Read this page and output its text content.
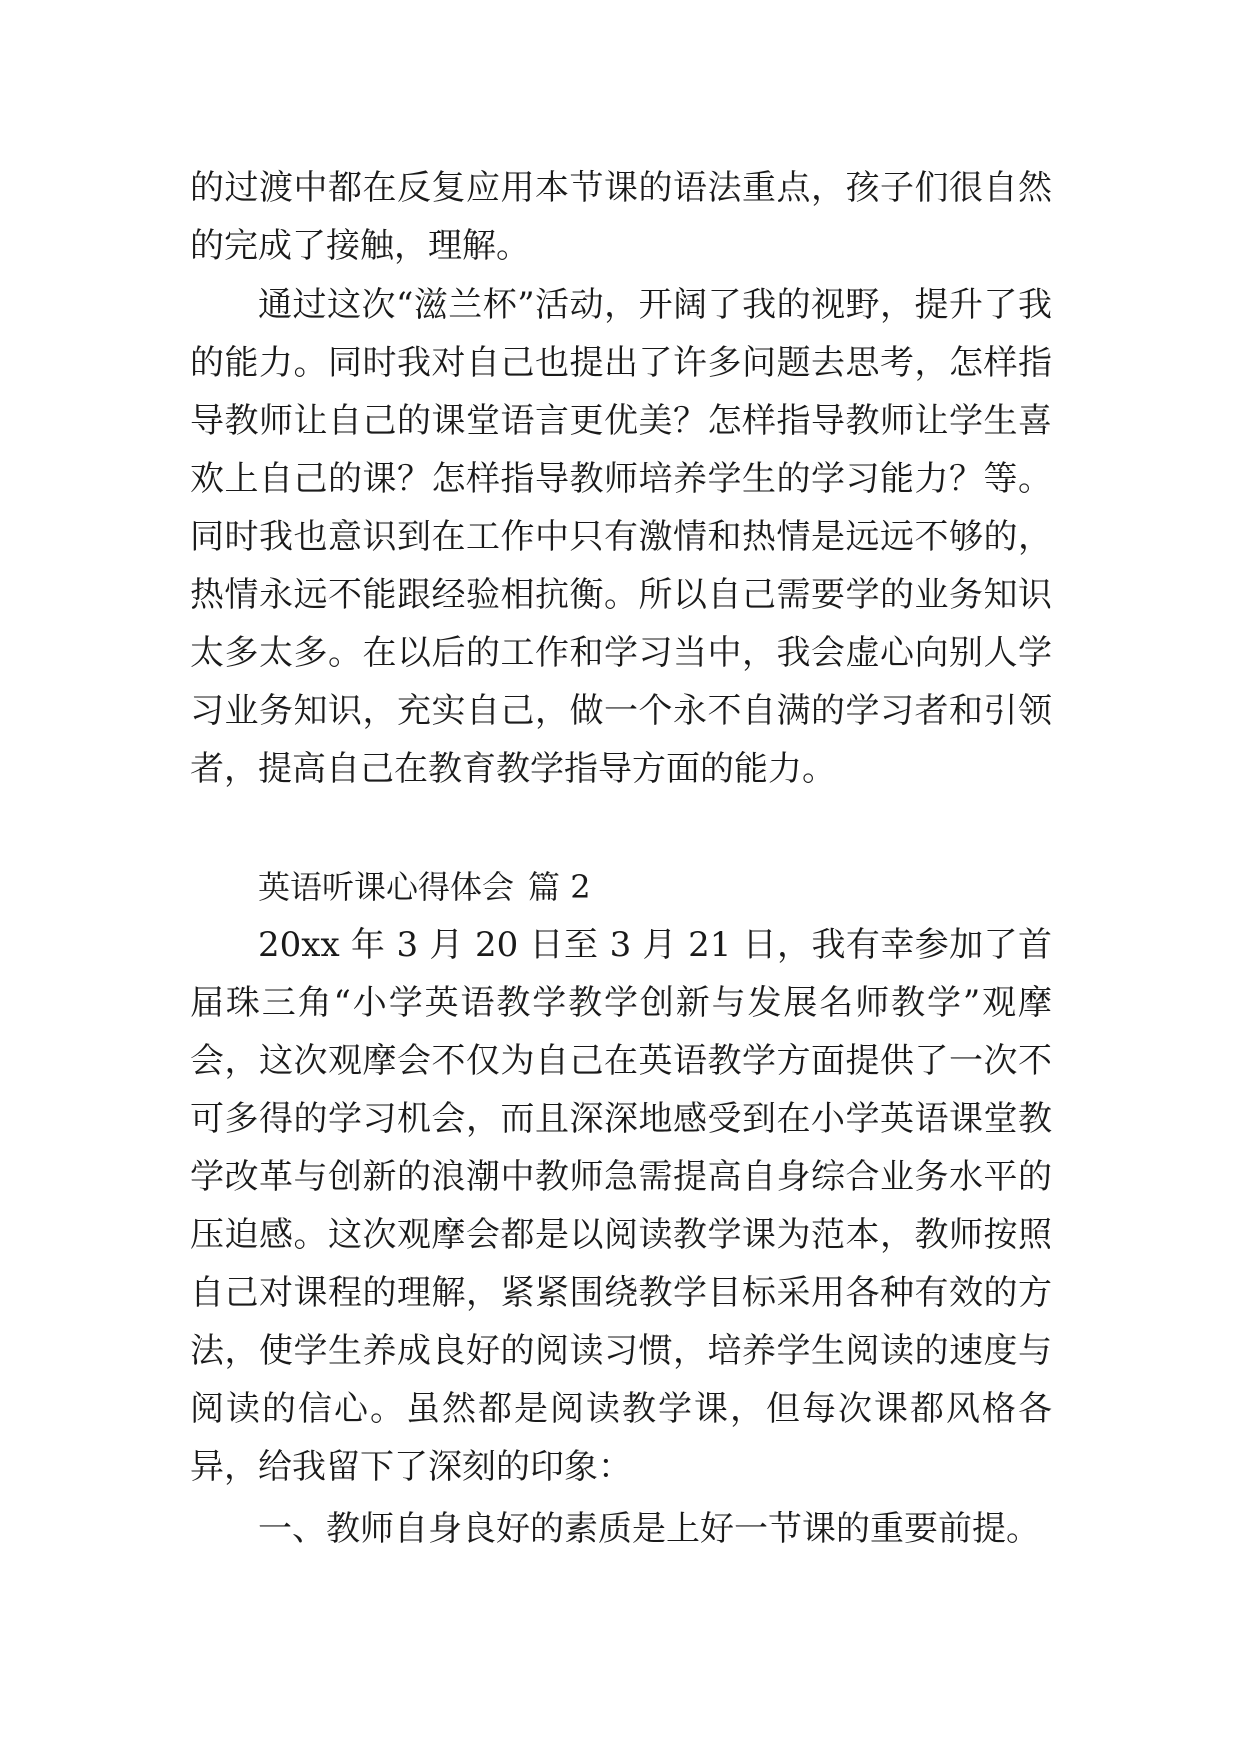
的过渡中都在反复应用本节课的语法重点，孩子们很自然的完成了接触，理解。

通过这次“滋兰杯”活动，开阔了我的视野，提升了我的能力。同时我对自己也提出了许多问题去思考，怎样指导教师让自己的课堂语言更优美？怎样指导教师让学生喜欢上自己的课？怎样指导教师培养学生的学习能力？等。同时我也意识到在工作中只有激情和热情是远远不够的，热情永远不能跟经验相抗衡。所以自己需要学的业务知识太多太多。在以后的工作和学习当中，我会虚心向别人学习业务知识，充实自己，做一个永不自满的学习者和引领者，提高自己在教育教学指导方面的能力。

英语听课心得体会 篇 2

20xx 年 3 月 20 日至 3 月 21 日，我有幸参加了首届珠三角“小学英语教学教学创新与发展名师教学”观摩会，这次观摩会不仅为自己在英语教学方面提供了一次不可多得的学习机会，而且深深地感受到在小学英语课堂教学改革与创新的浪潮中教师急需提高自身综合业务水平的压迫感。这次观摩会都是以阅读教学课为范本，教师按照自己对课程的理解，紧紧围绕教学目标采用各种有效的方法，使学生养成良好的阅读习惯，培养学生阅读的速度与阅读的信心。虽然都是阅读教学课，但每次课都风格各异，给我留下了深刻的印象：

一、教师自身良好的素质是上好一节课的重要前提。
